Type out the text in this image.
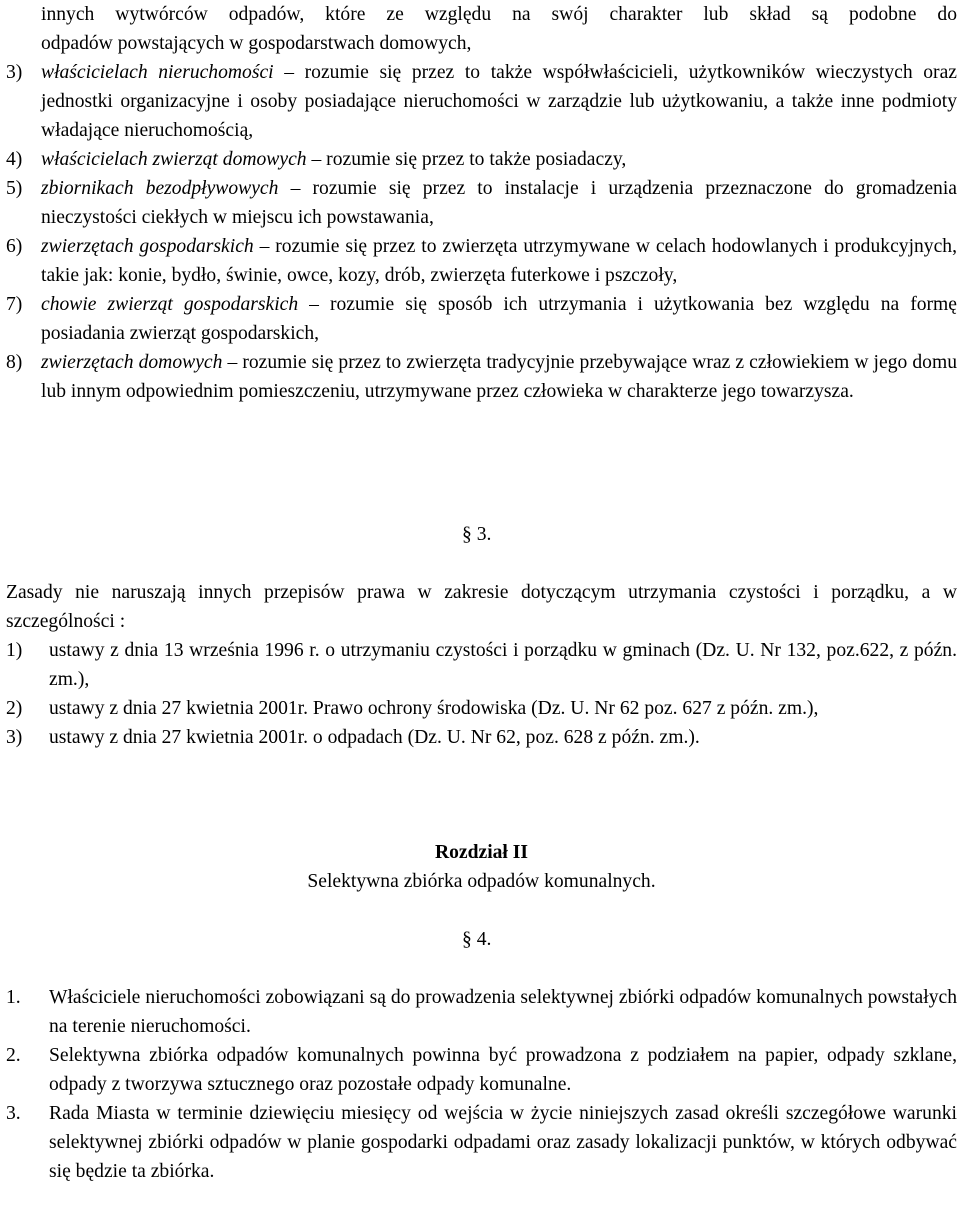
innych wytwórców odpadów, które ze względu na swój charakter lub skład są podobne do
odpadów powstających w gospodarstwach domowych,
3) właścicielach nieruchomości – rozumie się przez to także współwłaścicieli, użytkowników wieczystych oraz jednostki organizacyjne i osoby posiadające nieruchomości w zarządzie lub użytkowaniu, a także inne podmioty władające nieruchomością,
4) właścicielach zwierząt domowych – rozumie się przez to także posiadaczy,
5) zbiornikach bezodpływowych – rozumie się przez to instalacje i urządzenia przeznaczone do gromadzenia nieczystości ciekłych w miejscu ich powstawania,
6) zwierzętach gospodarskich – rozumie się przez to zwierzęta utrzymywane w celach hodowlanych i produkcyjnych, takie jak: konie, bydło, świnie, owce, kozy, drób, zwierzęta futerkowe i pszczoły,
7) chowie zwierząt gospodarskich – rozumie się sposób ich utrzymania i użytkowania bez względu na formę posiadania zwierząt gospodarskich,
8) zwierzętach domowych – rozumie się przez to zwierzęta tradycyjnie przebywające wraz z człowiekiem w jego domu lub innym odpowiednim pomieszczeniu, utrzymywane przez człowieka w charakterze jego towarzysza.
§ 3.
Zasady nie naruszają innych przepisów prawa w zakresie dotyczącym utrzymania czystości i porządku, a w szczególności :
1)	ustawy z dnia 13 września 1996 r. o utrzymaniu czystości i porządku w gminach (Dz. U. Nr 132, poz.622, z późn. zm.),
2)	ustawy z dnia 27 kwietnia 2001r. Prawo ochrony środowiska (Dz. U. Nr 62 poz. 627 z późn. zm.),
3)	ustawy z dnia 27 kwietnia 2001r. o odpadach (Dz. U. Nr 62, poz. 628 z późn. zm.).
Rozdział II
Selektywna zbiórka odpadów komunalnych.
§ 4.
1.	Właściciele nieruchomości zobowiązani są do prowadzenia selektywnej zbiórki odpadów komunalnych powstałych na terenie nieruchomości.
2.	Selektywna zbiórka odpadów komunalnych powinna być prowadzona z podziałem na papier, odpady szklane, odpady z tworzywa sztucznego oraz pozostałe odpady komunalne.
3.	Rada Miasta w terminie dziewięciu miesięcy od wejścia w życie niniejszych zasad określi szczegółowe warunki selektywnej zbiórki odpadów w planie gospodarki odpadami oraz zasady lokalizacji punktów, w których odbywać się będzie ta zbiórka.
